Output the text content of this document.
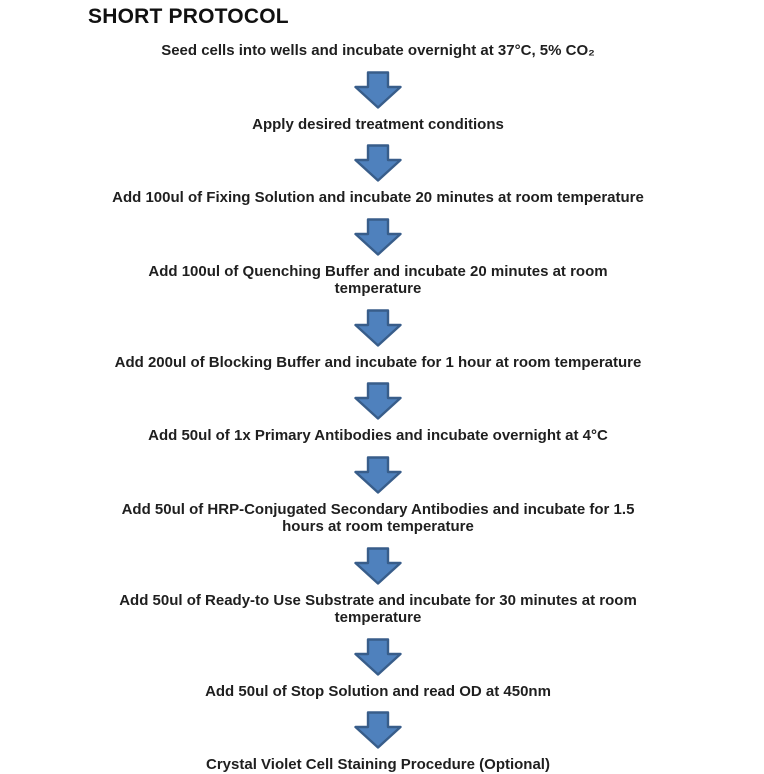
SHORT PROTOCOL
Seed cells into wells and incubate overnight at 37°C, 5% CO₂
Apply desired treatment conditions
Add 100ul of Fixing Solution and incubate 20 minutes at room temperature
Add 100ul of Quenching Buffer and incubate 20 minutes at room
temperature
Add 200ul of Blocking Buffer and incubate for 1 hour at room temperature
Add 50ul of 1x Primary Antibodies and incubate overnight at 4°C
Add 50ul of HRP-Conjugated Secondary Antibodies and incubate for 1.5
hours at room temperature
Add 50ul of Ready-to Use Substrate and incubate for 30 minutes at room
temperature
Add 50ul of Stop Solution and read OD at 450nm
Crystal Violet Cell Staining Procedure (Optional)
